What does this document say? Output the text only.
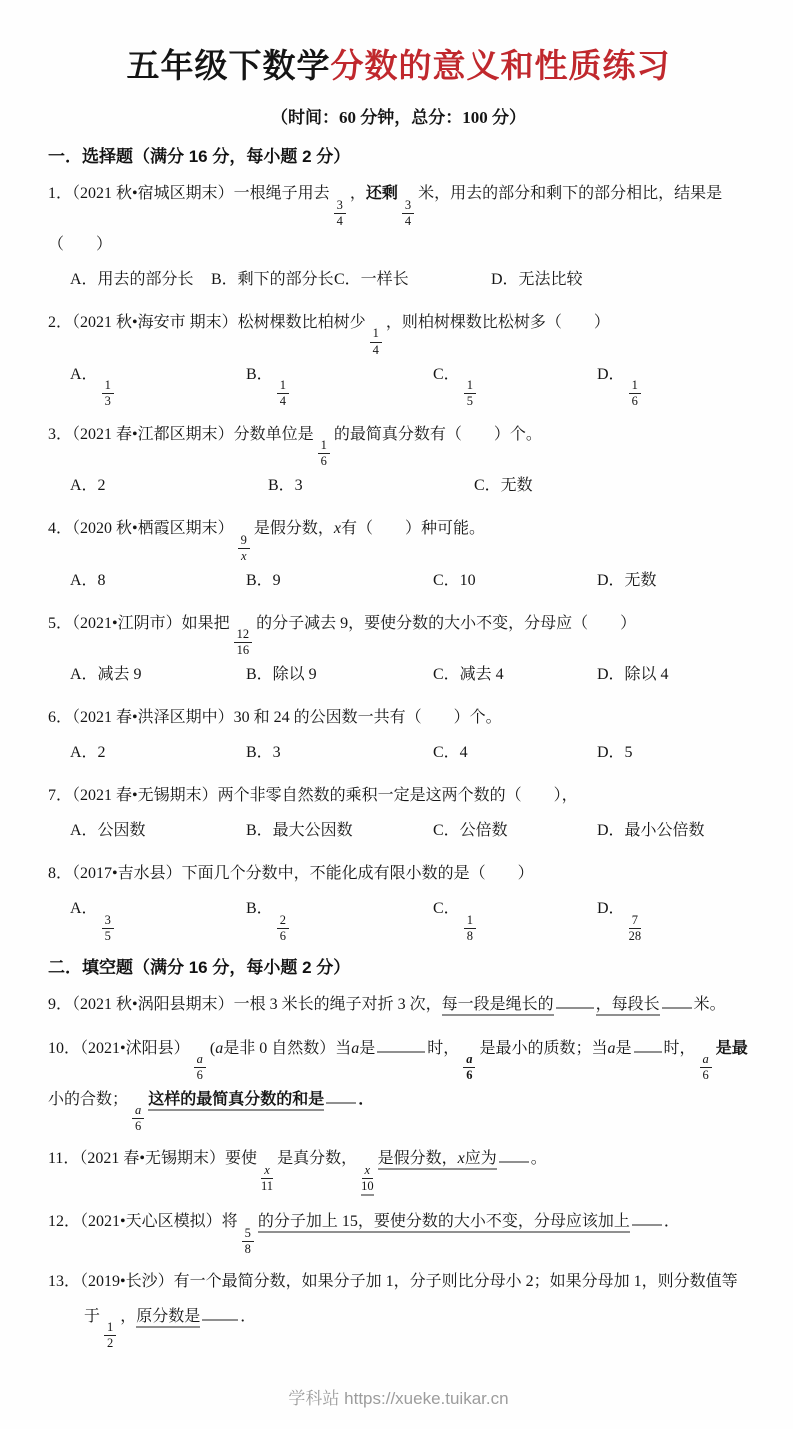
五年级下数学分数的意义和性质练习
（时间：60 分钟，总分：100 分）
一．选择题（满分 16 分，每小题 2 分）
1．（2021 秋•宿城区期末）一根绳子用去
$\frac{3}{4}$
，还剩
$\frac{3}{4}$
米，用去的部分和剩下的部分相比，结果是（　　）
A．用去的部分长	B．剩下的部分长 C．一样长	D．无法比较
2．（2021 秋•海安市 期末）松树棵数比柏树少
$\frac{1}{4}$
，则柏树棵数比松树多（　　）
A．
$\frac{1}{3}$
B．
$\frac{1}{4}$
C．
$\frac{1}{5}$
D．
$\frac{1}{6}$
3．（2021 春•江都区期末）分数单位是
$\frac{1}{6}$
的最简真分数有（　　）个。
A．2	B．3	C．无数
4．（2020 秋•栖霞区期末）
$\frac{9}{x}$
是假分数，x有（　　）种可能。
A．8	B．9	C．10	D．无数
5．（2021•江阴市）如果把
$\frac{12}{16}$
的分子减去 9，要使分数的大小不变，分母应（　　）
A．减去 9	B．除以 9	C．减去 4	D．除以 4
6．（2021 春•洪泽区期中）30 和 24 的公因数一共有（　　）个。
A．2	B．3	C．4	D．5
7．（2021 春•无锡期末）两个非零自然数的乘积一定是这两个数的（　　），
A．公因数	B．最大公因数	C．公倍数	D．最小公倍数
8．（2017•吉水县）下面几个分数中，不能化成有限小数的是（　　）
A．
$\frac{3}{5}$
B．
$\frac{2}{6}$
C．
$\frac{1}{8}$
D．
$\frac{7}{28}$
二．填空题（满分 16 分，每小题 2 分）
9．（2021 秋•涡阳县期末）一根 3 米长的绳子对折 3 次，每一段是绳长的	，每段长 米。
10．（2021•沭阳县）
$\frac{a}{6}$
(a是非 0 自然数）当a是	时，
$\frac{a}{6}$
是最小的质数；当a是 时，
$\frac{a}{6}$
是最
小的合数；
$\frac{a}{6}$
这样的最简真分数的和是 ．
11．（2021 春•无锡期末）要使
$\frac{x}{11}$
是真分数，
$\frac{x}{10}$
是假分数，x应为 。
12．（2021•天心区模拟）将
$\frac{5}{8}$
的分子加上 15，要使分数的大小不变，分母应该加上 ．
13．（2019•长沙）有一个最简分数，如果分子加 1，分子则比分母小 2；如果分母加 1，则分数值等
于
$\frac{1}{2}$
，原分数是	．
学科站 https://xueke.tuikar.cn
